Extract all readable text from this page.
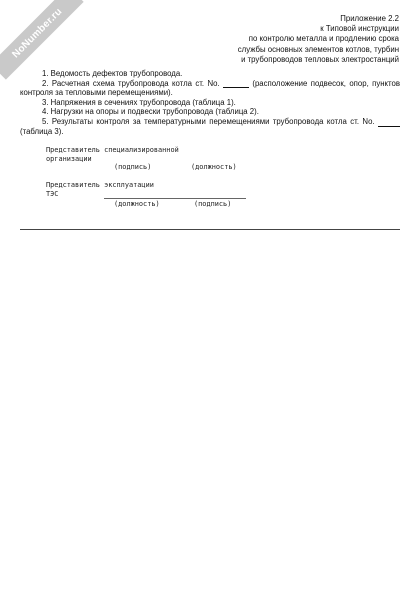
NoNumber.ru	Приложение 2.2
к Типовой инструкции
по контролю металла и продлению срока
службы основных элементов котлов, турбин
и трубопроводов тепловых электростанций
1. Ведомость дефектов трубопровода.
2. Расчетная схема трубопровода котла ст. No.	(расположение подвесок, опор, пунктов контроля за тепловыми перемещениями).
3. Напряжения в сечениях трубопровода (таблица 1).
4. Нагрузки на опоры и подвески трубопровода (таблица 2).
5. Результаты контроля за температурными перемещениями трубопровода котла ст. No.  (таблица 3).
Представитель специализированной
организации
(подпись)	(должность)
Представитель эксплуатации
ТЭС
(должность)	(подпись)
